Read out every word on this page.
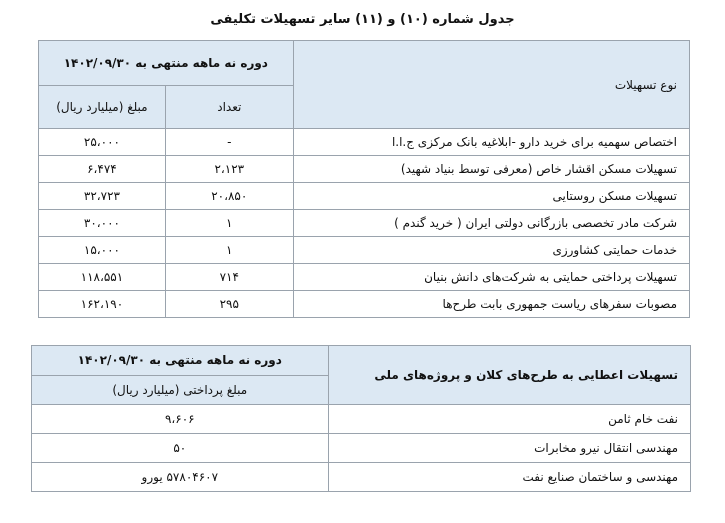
جدول شماره (۱۰) و (۱۱) سایر تسهیلات تکلیفی
نوع تسهیلات	دوره نه ماهه منتهی به ۱۴۰۲/۰۹/۳۰	
	تعداد	مبلغ (میلیارد ریال)
اختصاص سهمیه برای خرید دارو -ابلاغیه بانک مرکزی ج.ا.ا	-	۲۵،۰۰۰
تسهیلات مسکن اقشار خاص (معرفی توسط بنیاد شهید)	۲،۱۲۳	۶،۴۷۴
تسهیلات مسکن روستایی	۲۰،۸۵۰	۳۲،۷۲۳
شرکت مادر تخصصی بازرگانی دولتی ایران ( خرید گندم )	۱	۳۰،۰۰۰
خدمات حمایتی کشاورزی	۱	۱۵،۰۰۰
تسهیلات پرداختی حمایتی به شرکت‌های دانش بنیان	۷۱۴	۱۱۸،۵۵۱
مصوبات سفرهای ریاست جمهوری بابت طرح‌ها	۲۹۵	۱۶۲،۱۹۰
تسهیلات اعطایی به طرح‌های کلان و پروژه‌های ملی	دوره نه ماهه منتهی به ۱۴۰۲/۰۹/۳۰
	مبلغ پرداختی (میلیارد ریال)
نفت خام ثامن	۹،۶۰۶
مهندسی انتقال نیرو مخابرات	۵۰
مهندسی و ساختمان صنایع نفت	۵۷۸۰۴۶۰۷ یورو
